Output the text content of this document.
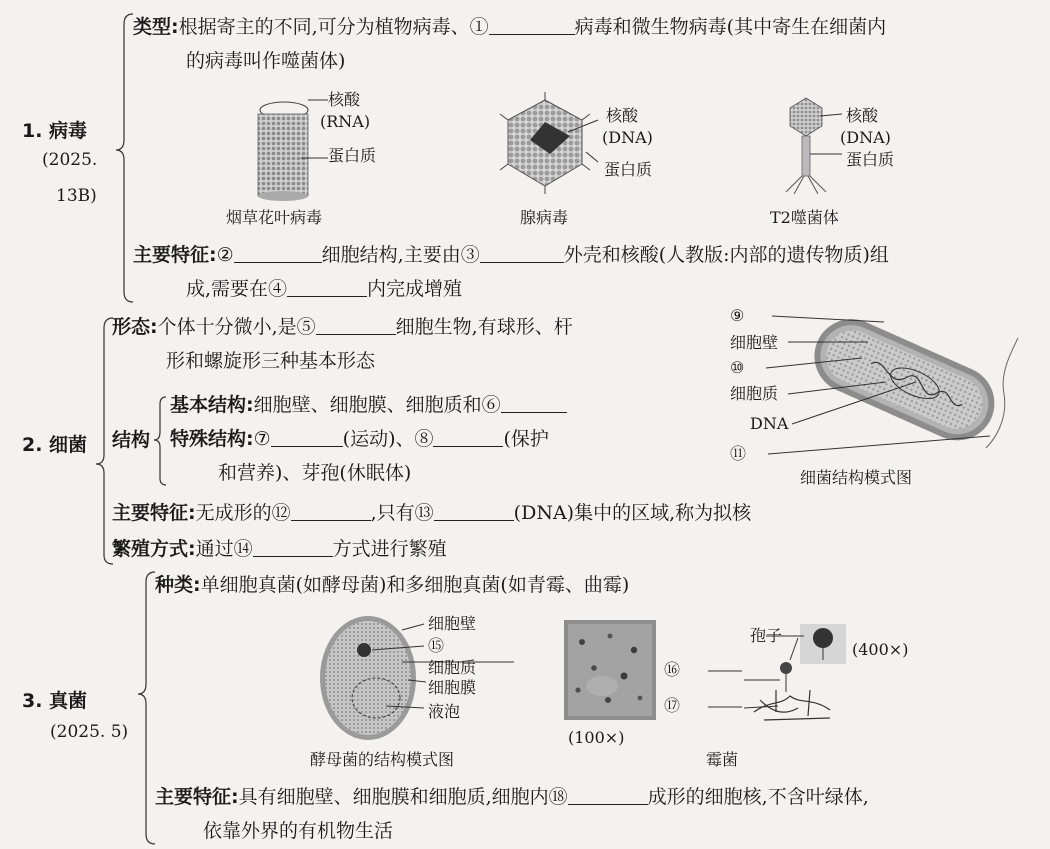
1. 病毒
(2025.
13B)
类型:根据寄主的不同,可分为植物病毒、①	病毒和微生物病毒(其中寄生在细菌内
的病毒叫作噬菌体)
核酸
(RNA)
蛋白质
烟草花叶病毒
核酸
(DNA)
蛋白质
腺病毒
核酸
(DNA)
蛋白质
T2噬菌体
主要特征:②	细胞结构,主要由③	外壳和核酸(人教版:内部的遗传物质)组
成,需要在④	内完成增殖
2. 细菌
形态:个体十分微小,是⑤	细胞生物,有球形、杆
形和螺旋形三种基本形态
结构
基本结构:细胞壁、细胞膜、细胞质和⑥
特殊结构:⑦	(运动)、⑧	(保护
和营养)、芽孢(休眠体)
主要特征:无成形的⑫	,只有⑬	(DNA)集中的区域,称为拟核
繁殖方式:通过⑭	方式进行繁殖
⑨
细胞壁
⑩
细胞质
DNA
⑪
细菌结构模式图
3. 真菌
(2025. 5)
种类:单细胞真菌(如酵母菌)和多细胞真菌(如青霉、曲霉)
细胞壁
⑮
细胞质
细胞膜
液泡
酵母菌的结构模式图
(100×)
孢子
(400×)
⑯
⑰
霉菌
主要特征:具有细胞壁、细胞膜和细胞质,细胞内⑱	成形的细胞核,不含叶绿体,
依靠外界的有机物生活
